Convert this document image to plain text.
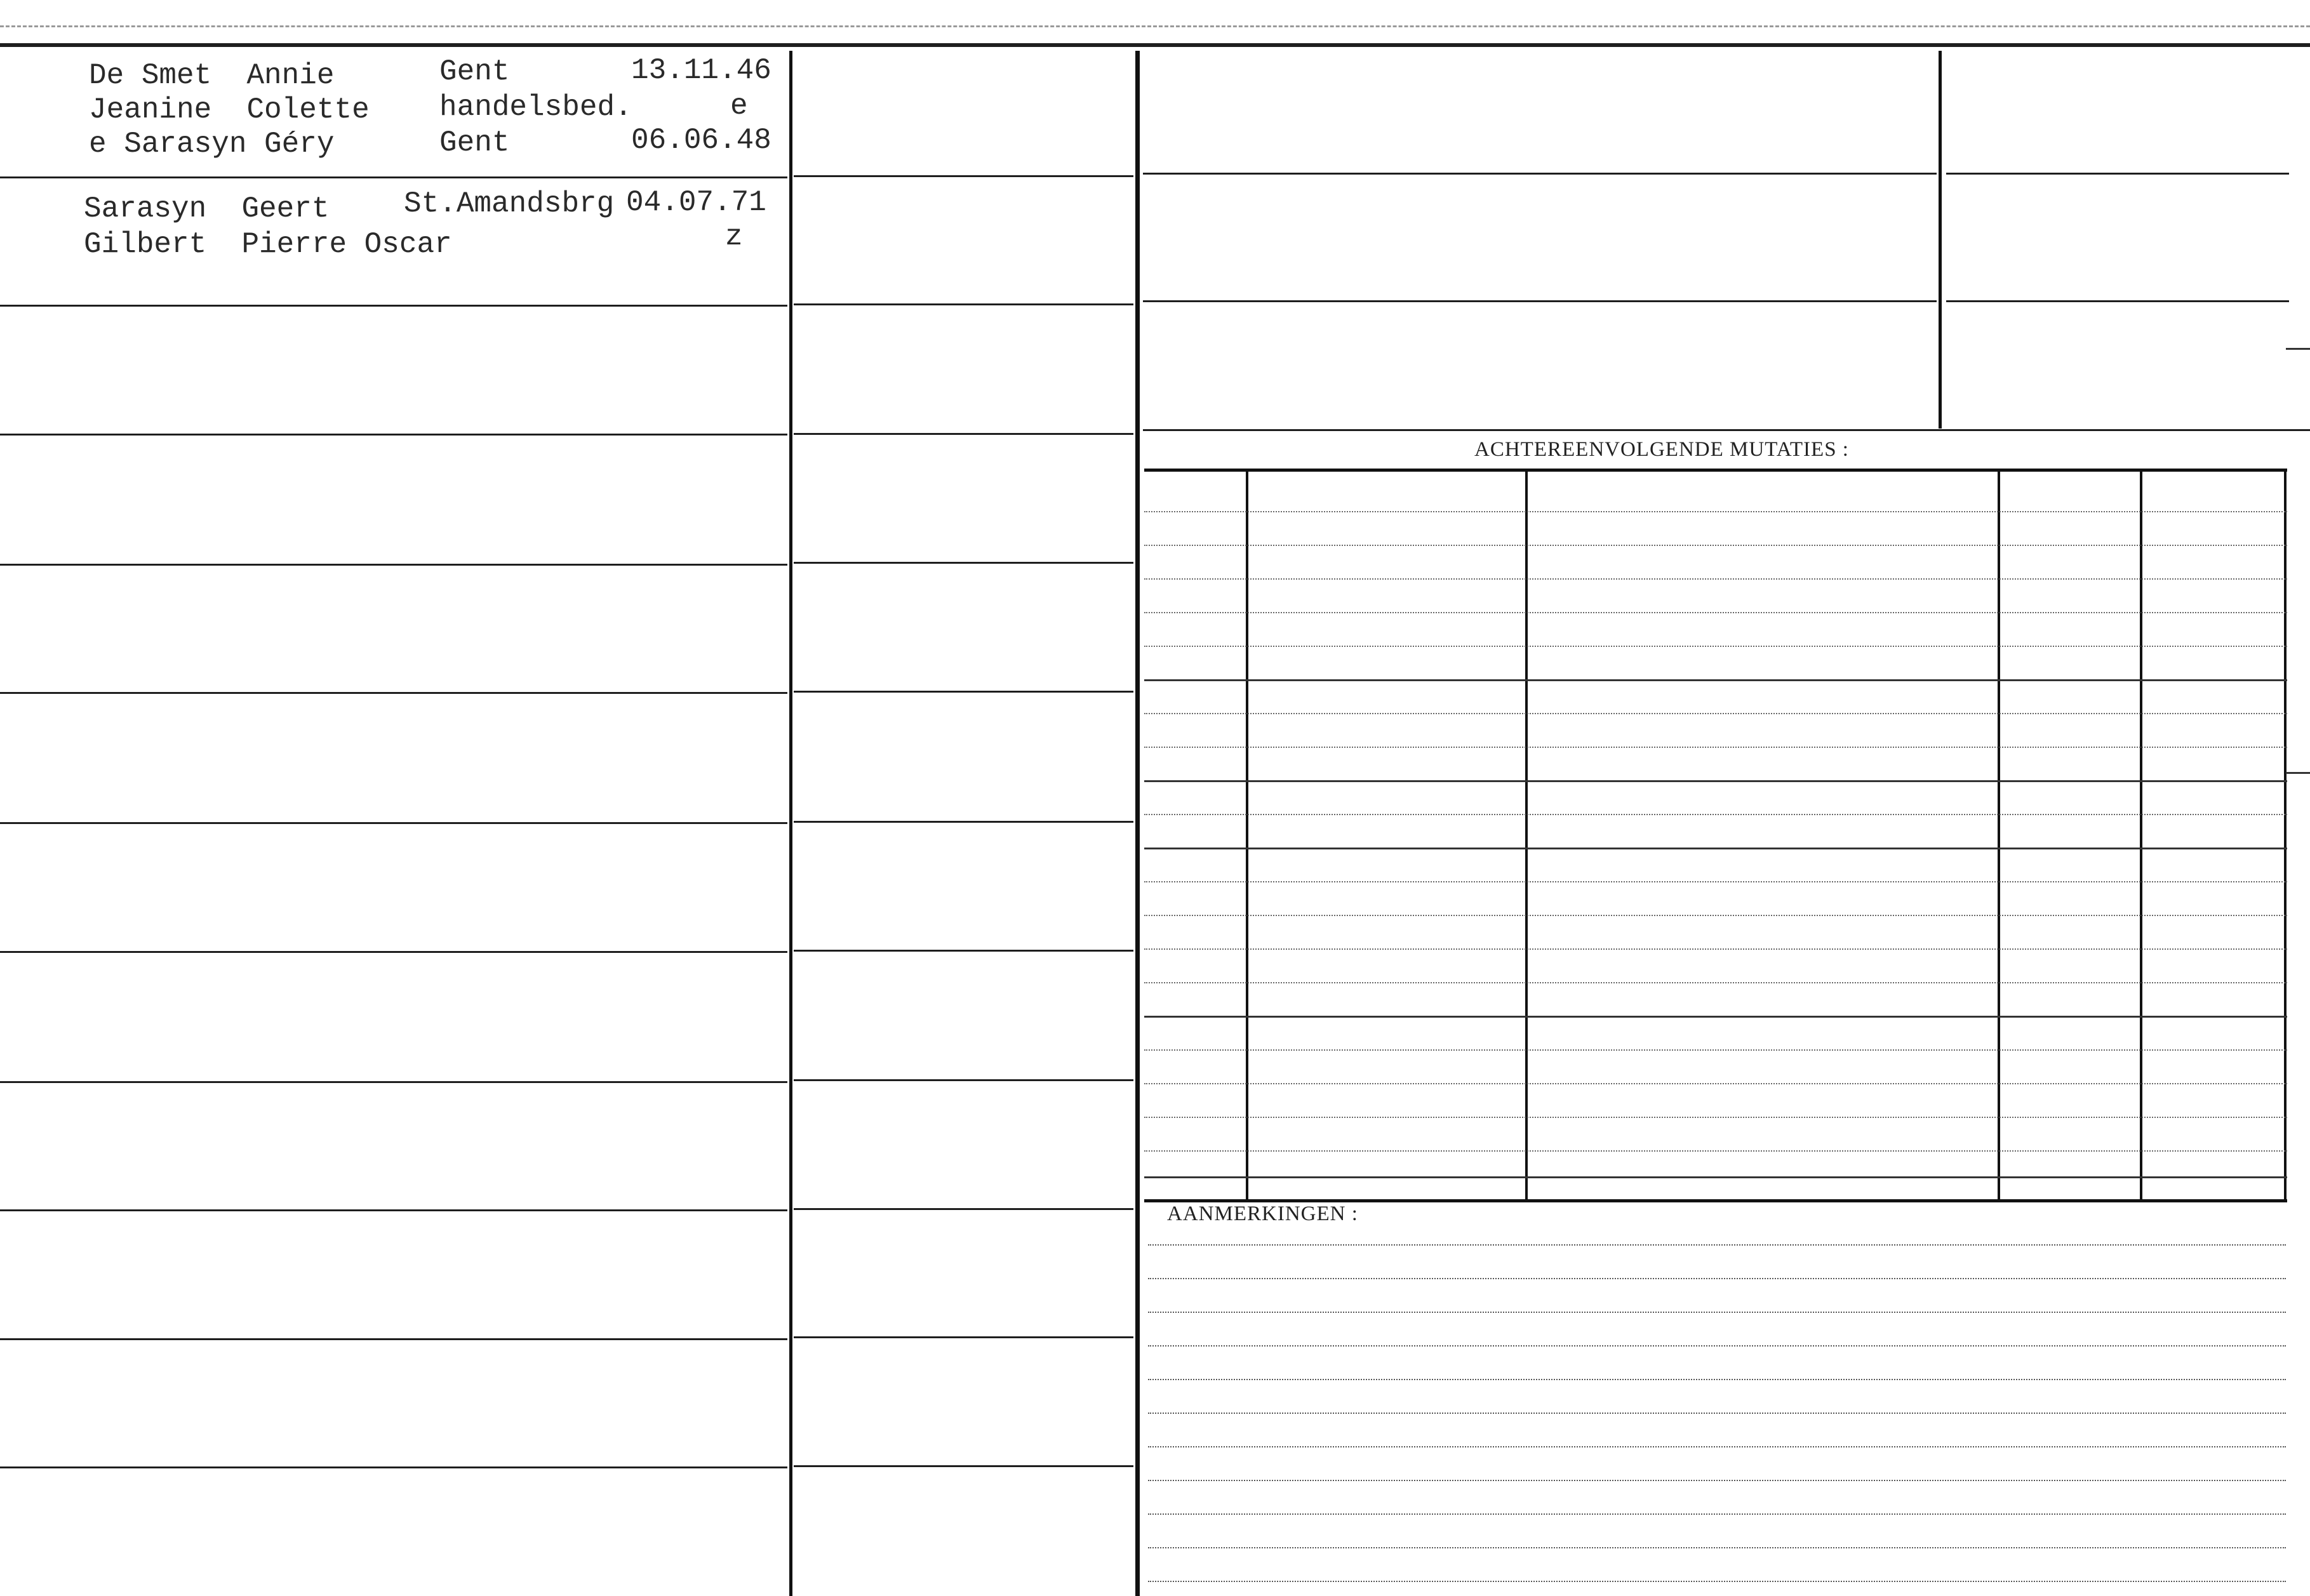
De Smet  Annie
Jeanine  Colette
e Sarasyn Géry
Gent
handelsbed.
Gent
13.11.46
e
06.06.48
Sarasyn  Geert
Gilbert  Pierre Oscar
St.Amandsbrg 04.07.71
z
ACHTEREENVOLGENDE MUTATIES :
AANMERKINGEN :
